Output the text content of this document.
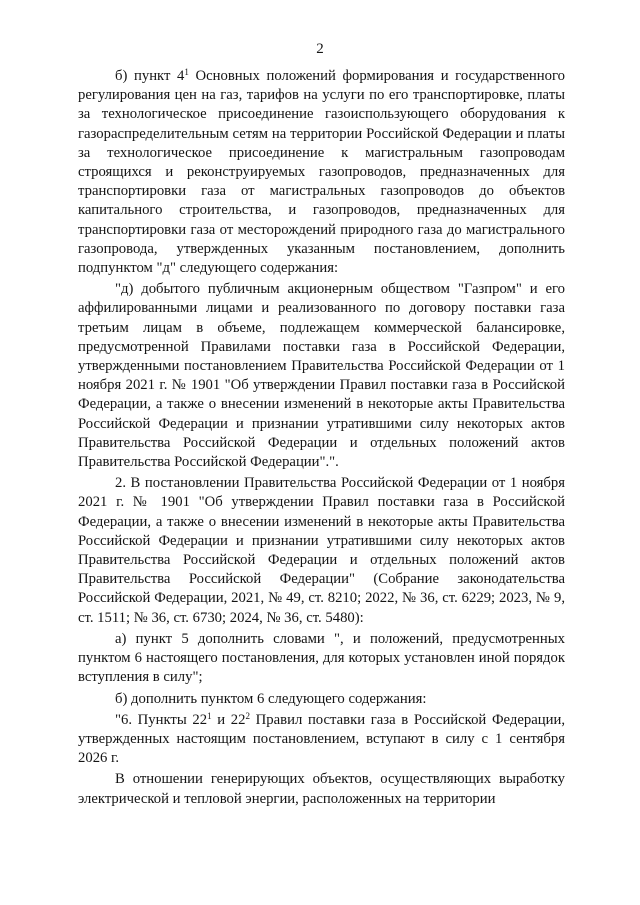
2

б) пункт $4^1$ Основных положений формирования и государственного регулирования цен на газ, тарифов на услуги по его транспортировке, платы за технологическое присоединение газоиспользующего оборудования к газораспределительным сетям на территории Российской Федерации и платы за технологическое присоединение к магистральным газопроводам строящихся и реконструируемых газопроводов, предназначенных для транспортировки газа от магистральных газопроводов до объектов капитального строительства, и газопроводов, предназначенных для транспортировки газа от месторождений природного газа до магистрального газопровода, утвержденных указанным постановлением, дополнить подпунктом "д" следующего содержания:

"д) добытого публичным акционерным обществом "Газпром" и его аффилированными лицами и реализованного по договору поставки газа третьим лицам в объеме, подлежащем коммерческой балансировке, предусмотренной Правилами поставки газа в Российской Федерации, утвержденными постановлением Правительства Российской Федерации от 1 ноября 2021 г. № 1901 "Об утверждении Правил поставки газа в Российской Федерации, а также о внесении изменений в некоторые акты Правительства Российской Федерации и признании утратившими силу некоторых актов Правительства Российской Федерации и отдельных положений актов Правительства Российской Федерации".".

2. В постановлении Правительства Российской Федерации от 1 ноября 2021 г. № 1901 "Об утверждении Правил поставки газа в Российской Федерации, а также о внесении изменений в некоторые акты Правительства Российской Федерации и признании утратившими силу некоторых актов Правительства Российской Федерации и отдельных положений актов Правительства Российской Федерации" (Собрание законодательства Российской Федерации, 2021, № 49, ст. 8210; 2022, № 36, ст. 6229; 2023, № 9, ст. 1511; № 36, ст. 6730; 2024, № 36, ст. 5480):

а) пункт 5 дополнить словами ", и положений, предусмотренных пунктом 6 настоящего постановления, для которых установлен иной порядок вступления в силу";

б) дополнить пунктом 6 следующего содержания:

"6. Пункты $22^1$ и $22^2$ Правил поставки газа в Российской Федерации, утвержденных настоящим постановлением, вступают в силу с 1 сентября 2026 г.

В отношении генерирующих объектов, осуществляющих выработку электрической и тепловой энергии, расположенных на территории
